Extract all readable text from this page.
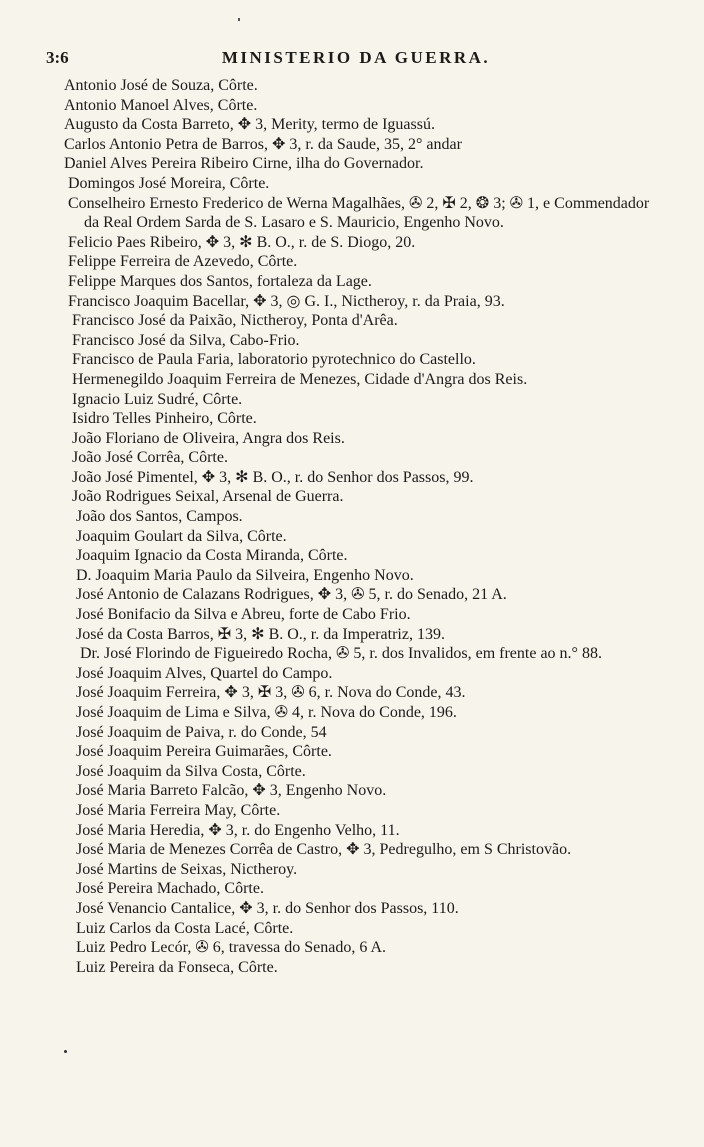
3:6	MINISTERIO DA GUERRA.

Antonio José de Souza, Côrte.

Antonio Manoel Alves, Côrte.

Augusto da Costa Barreto, ✥ 3, Merity, termo de Iguassú.

Carlos Antonio Petra de Barros, ✥ 3, r. da Saude, 35, 2° andar

Daniel Alves Pereira Ribeiro Cirne, ilha do Governador.

Domingos José Moreira, Côrte.

Conselheiro Ernesto Frederico de Werna Magalhães, ✇ 2, ✠ 2, ❂ 3; ✇ 1, e Commendador da Real Ordem Sarda de S. Lasaro e S. Mauricio, Engenho Novo.

Felicio Paes Ribeiro, ✥ 3, ✻ B. O., r. de S. Diogo, 20.

Felippe Ferreira de Azevedo, Côrte.

Felippe Marques dos Santos, fortaleza da Lage.

Francisco Joaquim Bacellar, ✥ 3, ◎ G. I., Nictheroy, r. da Praia, 93.

Francisco José da Paixão, Nictheroy, Ponta d'Arêa.

Francisco José da Silva, Cabo-Frio.

Francisco de Paula Faria, laboratorio pyrotechnico do Castello.

Hermenegildo Joaquim Ferreira de Menezes, Cidade d'Angra dos Reis.

Ignacio Luiz Sudré, Côrte.

Isidro Telles Pinheiro, Côrte.

João Floriano de Oliveira, Angra dos Reis.

João José Corrêa, Côrte.

João José Pimentel, ✥ 3, ✻ B. O., r. do Senhor dos Passos, 99.

João Rodrigues Seixal, Arsenal de Guerra.

João dos Santos, Campos.

Joaquim Goulart da Silva, Côrte.

Joaquim Ignacio da Costa Miranda, Côrte.

D. Joaquim Maria Paulo da Silveira, Engenho Novo.

José Antonio de Calazans Rodrigues, ✥ 3, ✇ 5, r. do Senado, 21 A.

José Bonifacio da Silva e Abreu, forte de Cabo Frio.

José da Costa Barros, ✠ 3, ✻ B. O., r. da Imperatriz, 139.

Dr. José Florindo de Figueiredo Rocha, ✇ 5, r. dos Invalidos, em frente ao n.° 88.

José Joaquim Alves, Quartel do Campo.

José Joaquim Ferreira, ✥ 3, ✠ 3, ✇ 6, r. Nova do Conde, 43.

José Joaquim de Lima e Silva, ✇ 4, r. Nova do Conde, 196.

José Joaquim de Paiva, r. do Conde, 54

José Joaquim Pereira Guimarães, Côrte.

José Joaquim da Silva Costa, Côrte.

José Maria Barreto Falcão, ✥ 3, Engenho Novo.

José Maria Ferreira May, Côrte.

José Maria Heredia, ✥ 3, r. do Engenho Velho, 11.

José Maria de Menezes Corrêa de Castro, ✥ 3, Pedregulho, em S Christovão.

José Martins de Seixas, Nictheroy.

José Pereira Machado, Côrte.

José Venancio Cantalice, ✥ 3, r. do Senhor dos Passos, 110.

Luiz Carlos da Costa Lacé, Côrte.

Luiz Pedro Lecór, ✇ 6, travessa do Senado, 6 A.

Luiz Pereira da Fonseca, Côrte.
